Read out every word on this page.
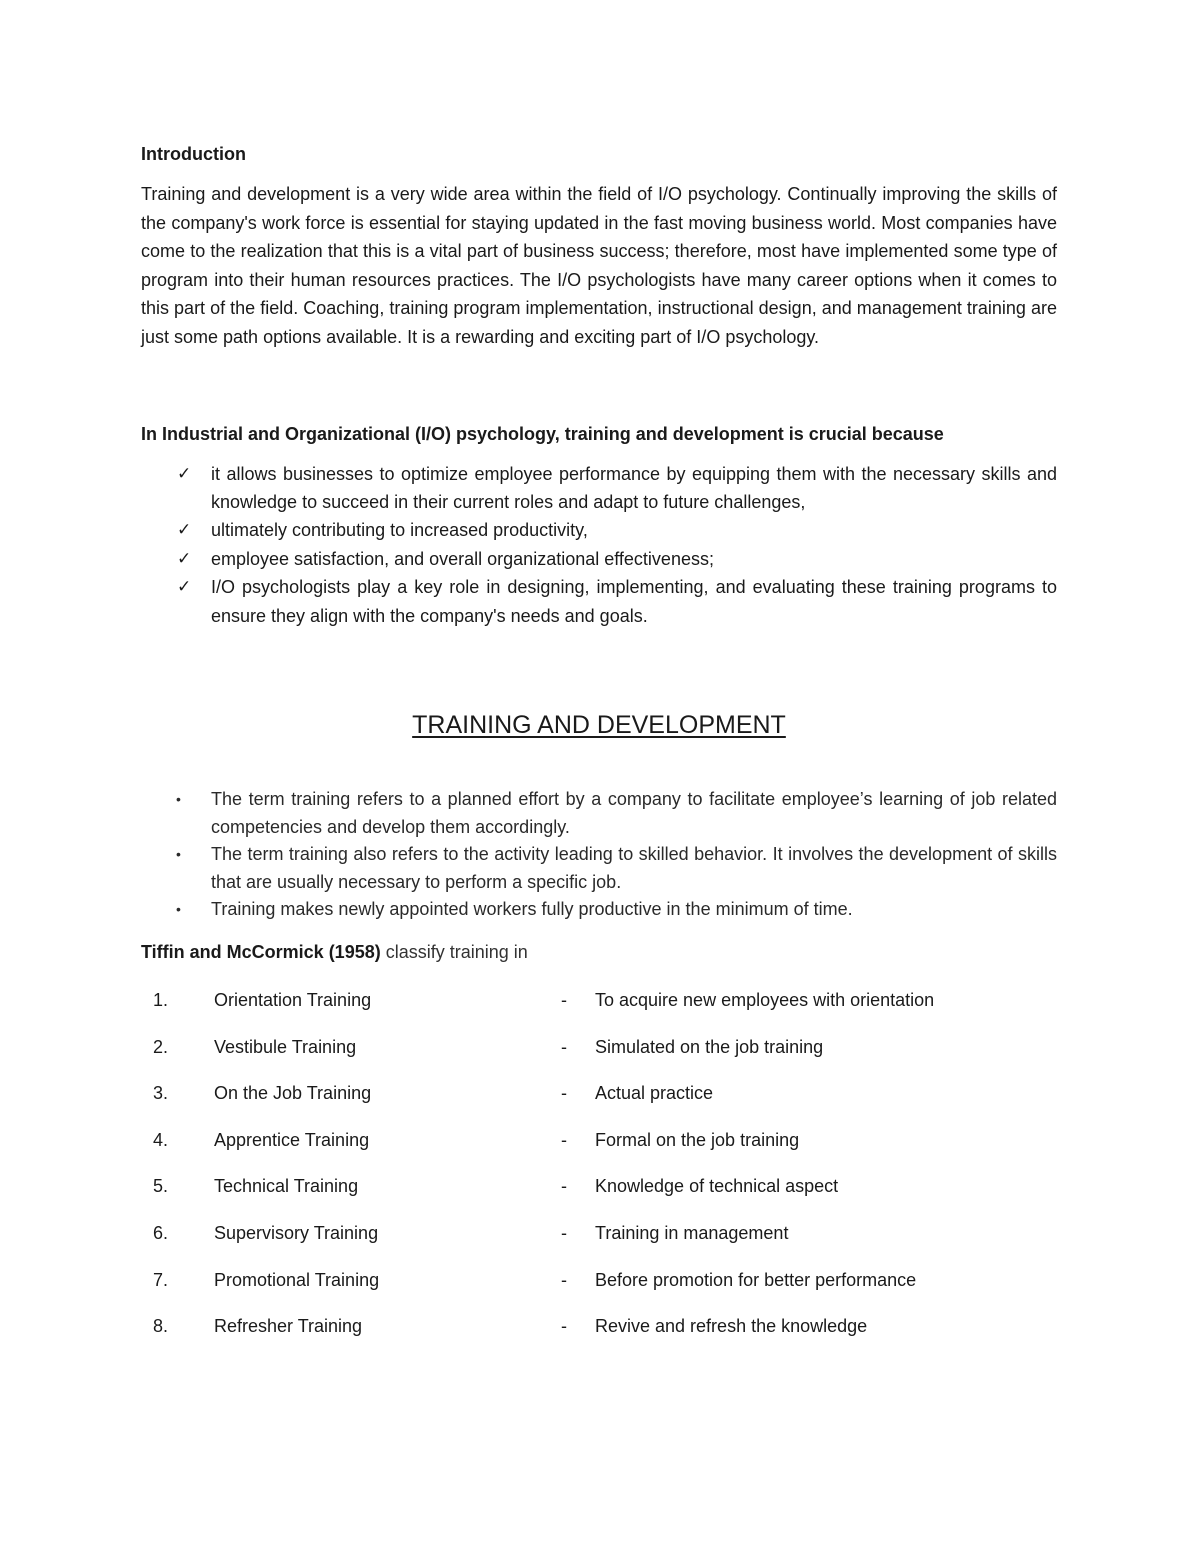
Introduction

Training and development is a very wide area within the field of I/O psychology. Continually improving the skills of the company's work force is essential for staying updated in the fast moving business world. Most companies have come to the realization that this is a vital part of business success; therefore, most have implemented some type of program into their human resources practices. The I/O psychologists have many career options when it comes to this part of the field. Coaching, training program implementation, instructional design, and management training are just some path options available. It is a rewarding and exciting part of I/O psychology.

In Industrial and Organizational (I/O) psychology, training and development is crucial because
✓ it allows businesses to optimize employee performance by equipping them with the necessary skills and knowledge to succeed in their current roles and adapt to future challenges,
✓ ultimately contributing to increased productivity,
✓ employee satisfaction, and overall organizational effectiveness;
✓ I/O psychologists play a key role in designing, implementing, and evaluating these training programs to ensure they align with the company's needs and goals.
TRAINING AND DEVELOPMENT
• The term training refers to a planned effort by a company to facilitate employee’s learning of job related competencies and develop them accordingly.
• The term training also refers to the activity leading to skilled behavior. It involves the development of skills that are usually necessary to perform a specific job.
• Training makes newly appointed workers fully productive in the minimum of time.

Tiffin and McCormick (1958) classify training in

1.	Orientation Training	- To acquire new employees with orientation
2.	Vestibule Training	- Simulated on the job training
3.	On the Job Training	- Actual practice
4.	Apprentice Training	- Formal on the job training
5.	Technical Training	- Knowledge of technical aspect
6.	Supervisory Training	- Training in management
7.	Promotional Training	- Before promotion for better performance
8.	Refresher Training	- Revive and refresh the knowledge
